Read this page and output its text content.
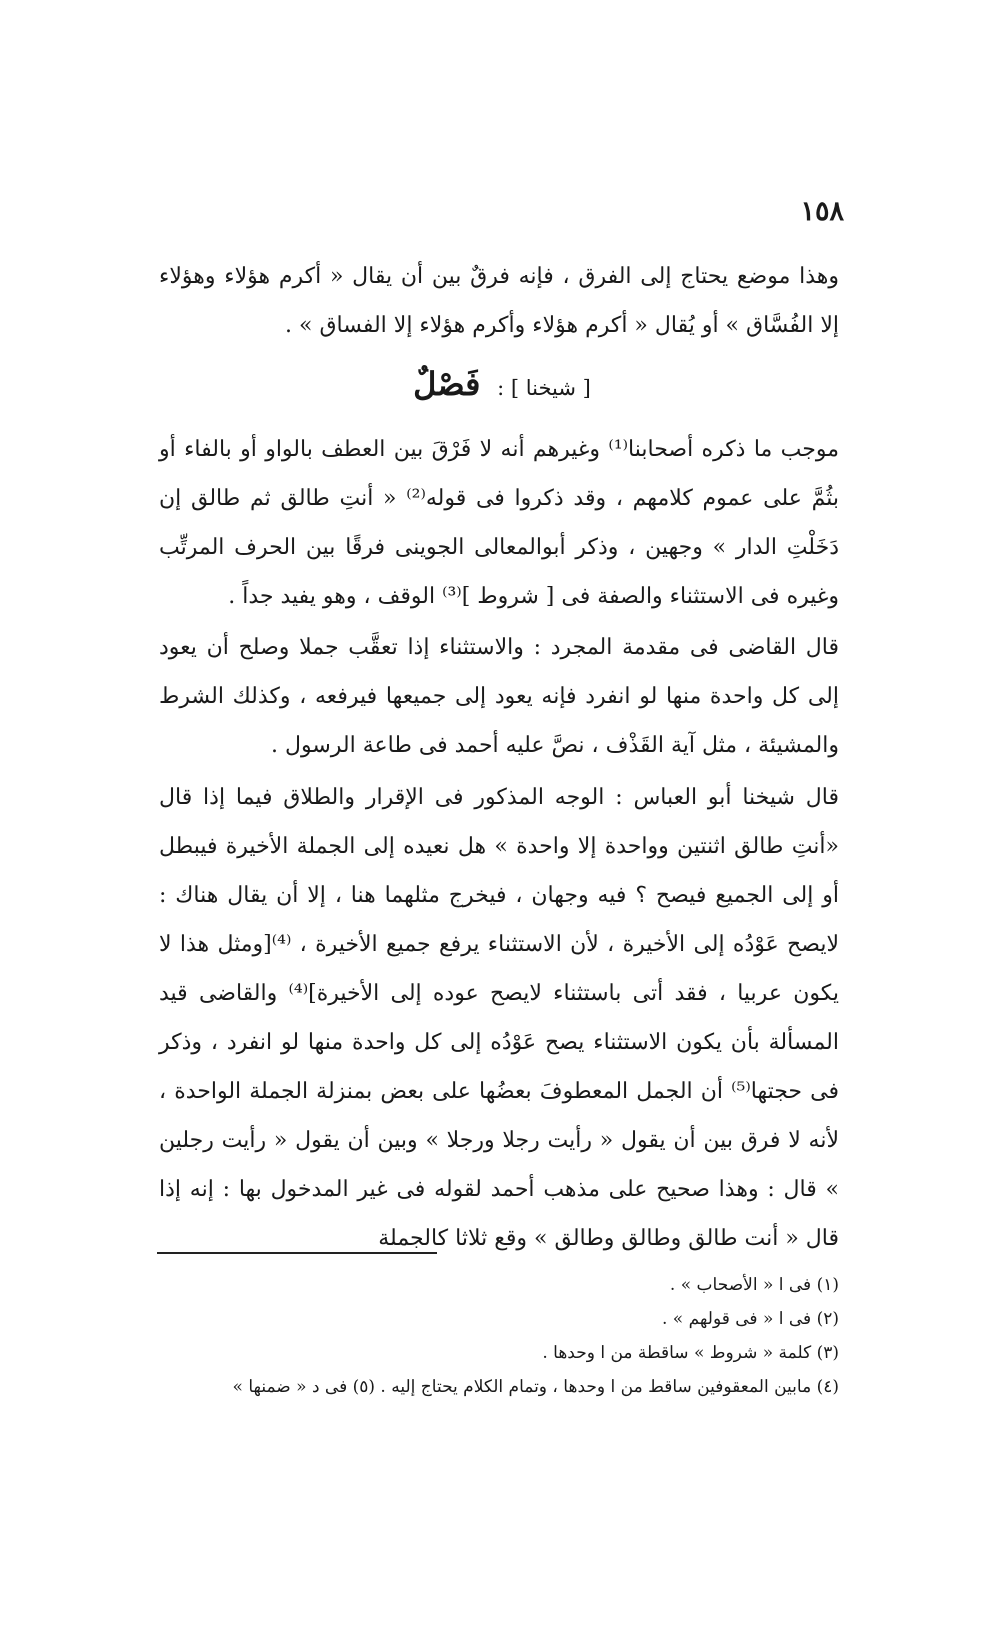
١٥٨

وهذا موضع يحتاج إلى الفرق ، فإنه فرقٌ بين أن يقال « أكرم هؤلاء وهؤلاء إلا الفُسَّاق » أو يُقال « أكرم هؤلاء وأكرم هؤلاء إلا الفساق » .

[ شيخنا ] : فَصْلٌ

موجب ما ذكره أصحابنا⁽¹⁾ وغيرهم أنه لا فَرْقَ بين العطف بالواو أو بالفاء أو بثُمَّ على عموم كلامهم ، وقد ذكروا فى قوله⁽²⁾ « أنتِ طالق ثم طالق إن دَخَلْتِ الدار » وجهين ، وذكر أبوالمعالى الجوينى فرقًا بين الحرف المرتِّب وغيره فى الاستثناء والصفة فى [ شروط ]⁽³⁾ الوقف ، وهو يفيد جداً .

قال القاضى فى مقدمة المجرد : والاستثناء إذا تعقَّب جملا وصلح أن يعود إلى كل واحدة منها لو انفرد فإنه يعود إلى جميعها فيرفعه ، وكذلك الشرط والمشيئة ، مثل آية القَذْف ، نصَّ عليه أحمد فى طاعة الرسول .

قال شيخنا أبو العباس : الوجه المذكور فى الإقرار والطلاق فيما إذا قال «أنتِ طالق اثنتين وواحدة إلا واحدة » هل نعيده إلى الجملة الأخيرة فيبطل أو إلى الجميع فيصح ؟ فيه وجهان ، فيخرج مثلهما هنا ، إلا أن يقال هناك : لايصح عَوْدُه إلى الأخيرة ، لأن الاستثناء يرفع جميع الأخيرة ، ⁽⁴⁾[ومثل هذا لا يكون عربيا ، فقد أتى باستثناء لايصح عوده إلى الأخيرة]⁽⁴⁾ والقاضى قيد المسألة بأن يكون الاستثناء يصح عَوْدُه إلى كل واحدة منها لو انفرد ، وذكر فى حجتها⁽⁵⁾ أن الجمل المعطوفَ بعضُها على بعض بمنزلة الجملة الواحدة ، لأنه لا فرق بين أن يقول « رأيت رجلا ورجلا » وبين أن يقول « رأيت رجلين » قال : وهذا صحيح على مذهب أحمد لقوله فى غير المدخول بها : إنه إذا قال « أنت طالق وطالق وطالق » وقع ثلاثا كالجملة

(١) فى ا « الأصحاب » .
(٢) فى ا « فى قولهم » .
(٣) كلمة « شروط » ساقطة من ا وحدها .
(٤) مابين المعقوفين ساقط من ا وحدها ، وتمام الكلام يحتاج إليه . (٥) فى د « ضمنها »
